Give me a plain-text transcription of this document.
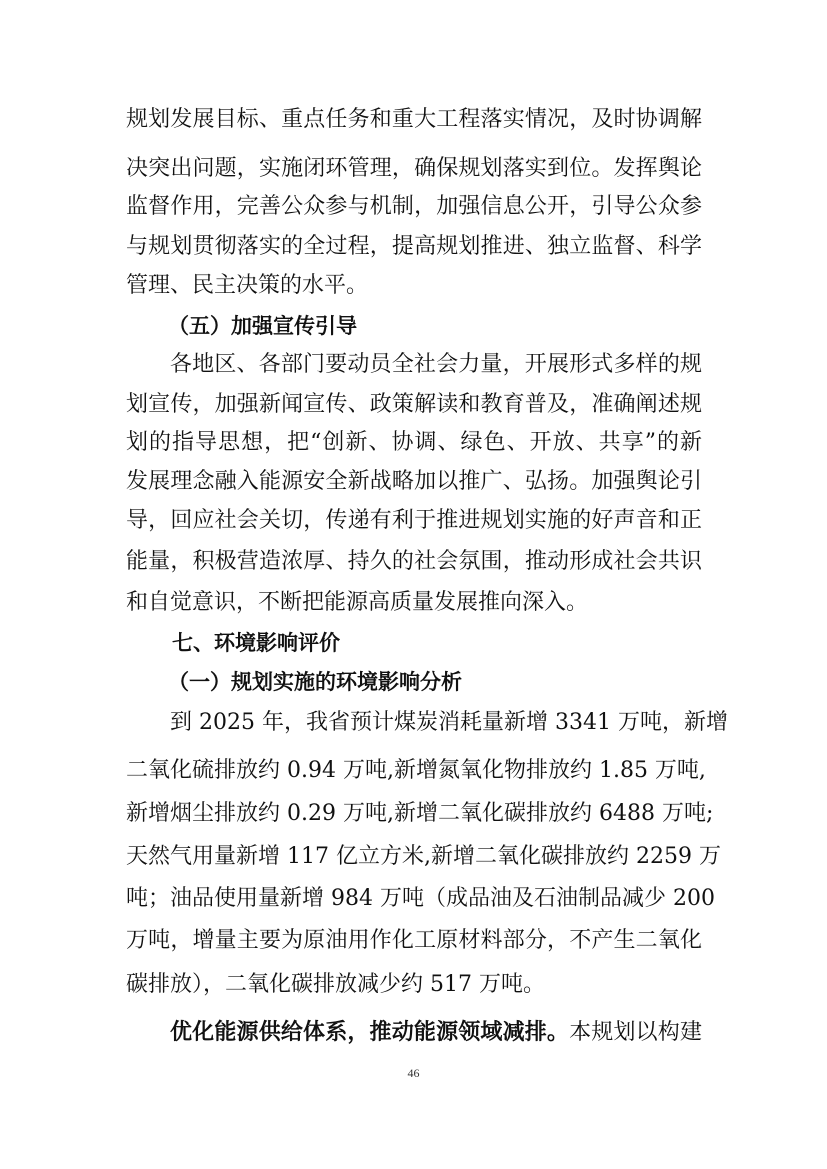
规划发展目标、重点任务和重大工程落实情况，及时协调解
决突出问题，实施闭环管理，确保规划落实到位。发挥舆论
监督作用，完善公众参与机制，加强信息公开，引导公众参
与规划贯彻落实的全过程，提高规划推进、独立监督、科学
管理、民主决策的水平。
（五）加强宣传引导
各地区、各部门要动员全社会力量，开展形式多样的规
划宣传，加强新闻宣传、政策解读和教育普及，准确阐述规
划的指导思想，把“创新、协调、绿色、开放、共享”的新
发展理念融入能源安全新战略加以推广、弘扬。加强舆论引
导，回应社会关切，传递有利于推进规划实施的好声音和正
能量，积极营造浓厚、持久的社会氛围，推动形成社会共识
和自觉意识，不断把能源高质量发展推向深入。
七、环境影响评价
（一）规划实施的环境影响分析
到 2025 年，我省预计煤炭消耗量新增 3341 万吨，新增
二氧化硫排放约 0.94 万吨,新增氮氧化物排放约 1.85 万吨,
新增烟尘排放约 0.29 万吨,新增二氧化碳排放约 6488 万吨;
天然气用量新增 117 亿立方米,新增二氧化碳排放约 2259 万
吨；油品使用量新增 984 万吨（成品油及石油制品减少 200
万吨，增量主要为原油用作化工原材料部分，不产生二氧化
碳排放），二氧化碳排放减少约 517 万吨。
优化能源供给体系，推动能源领域减排。本规划以构建
46
